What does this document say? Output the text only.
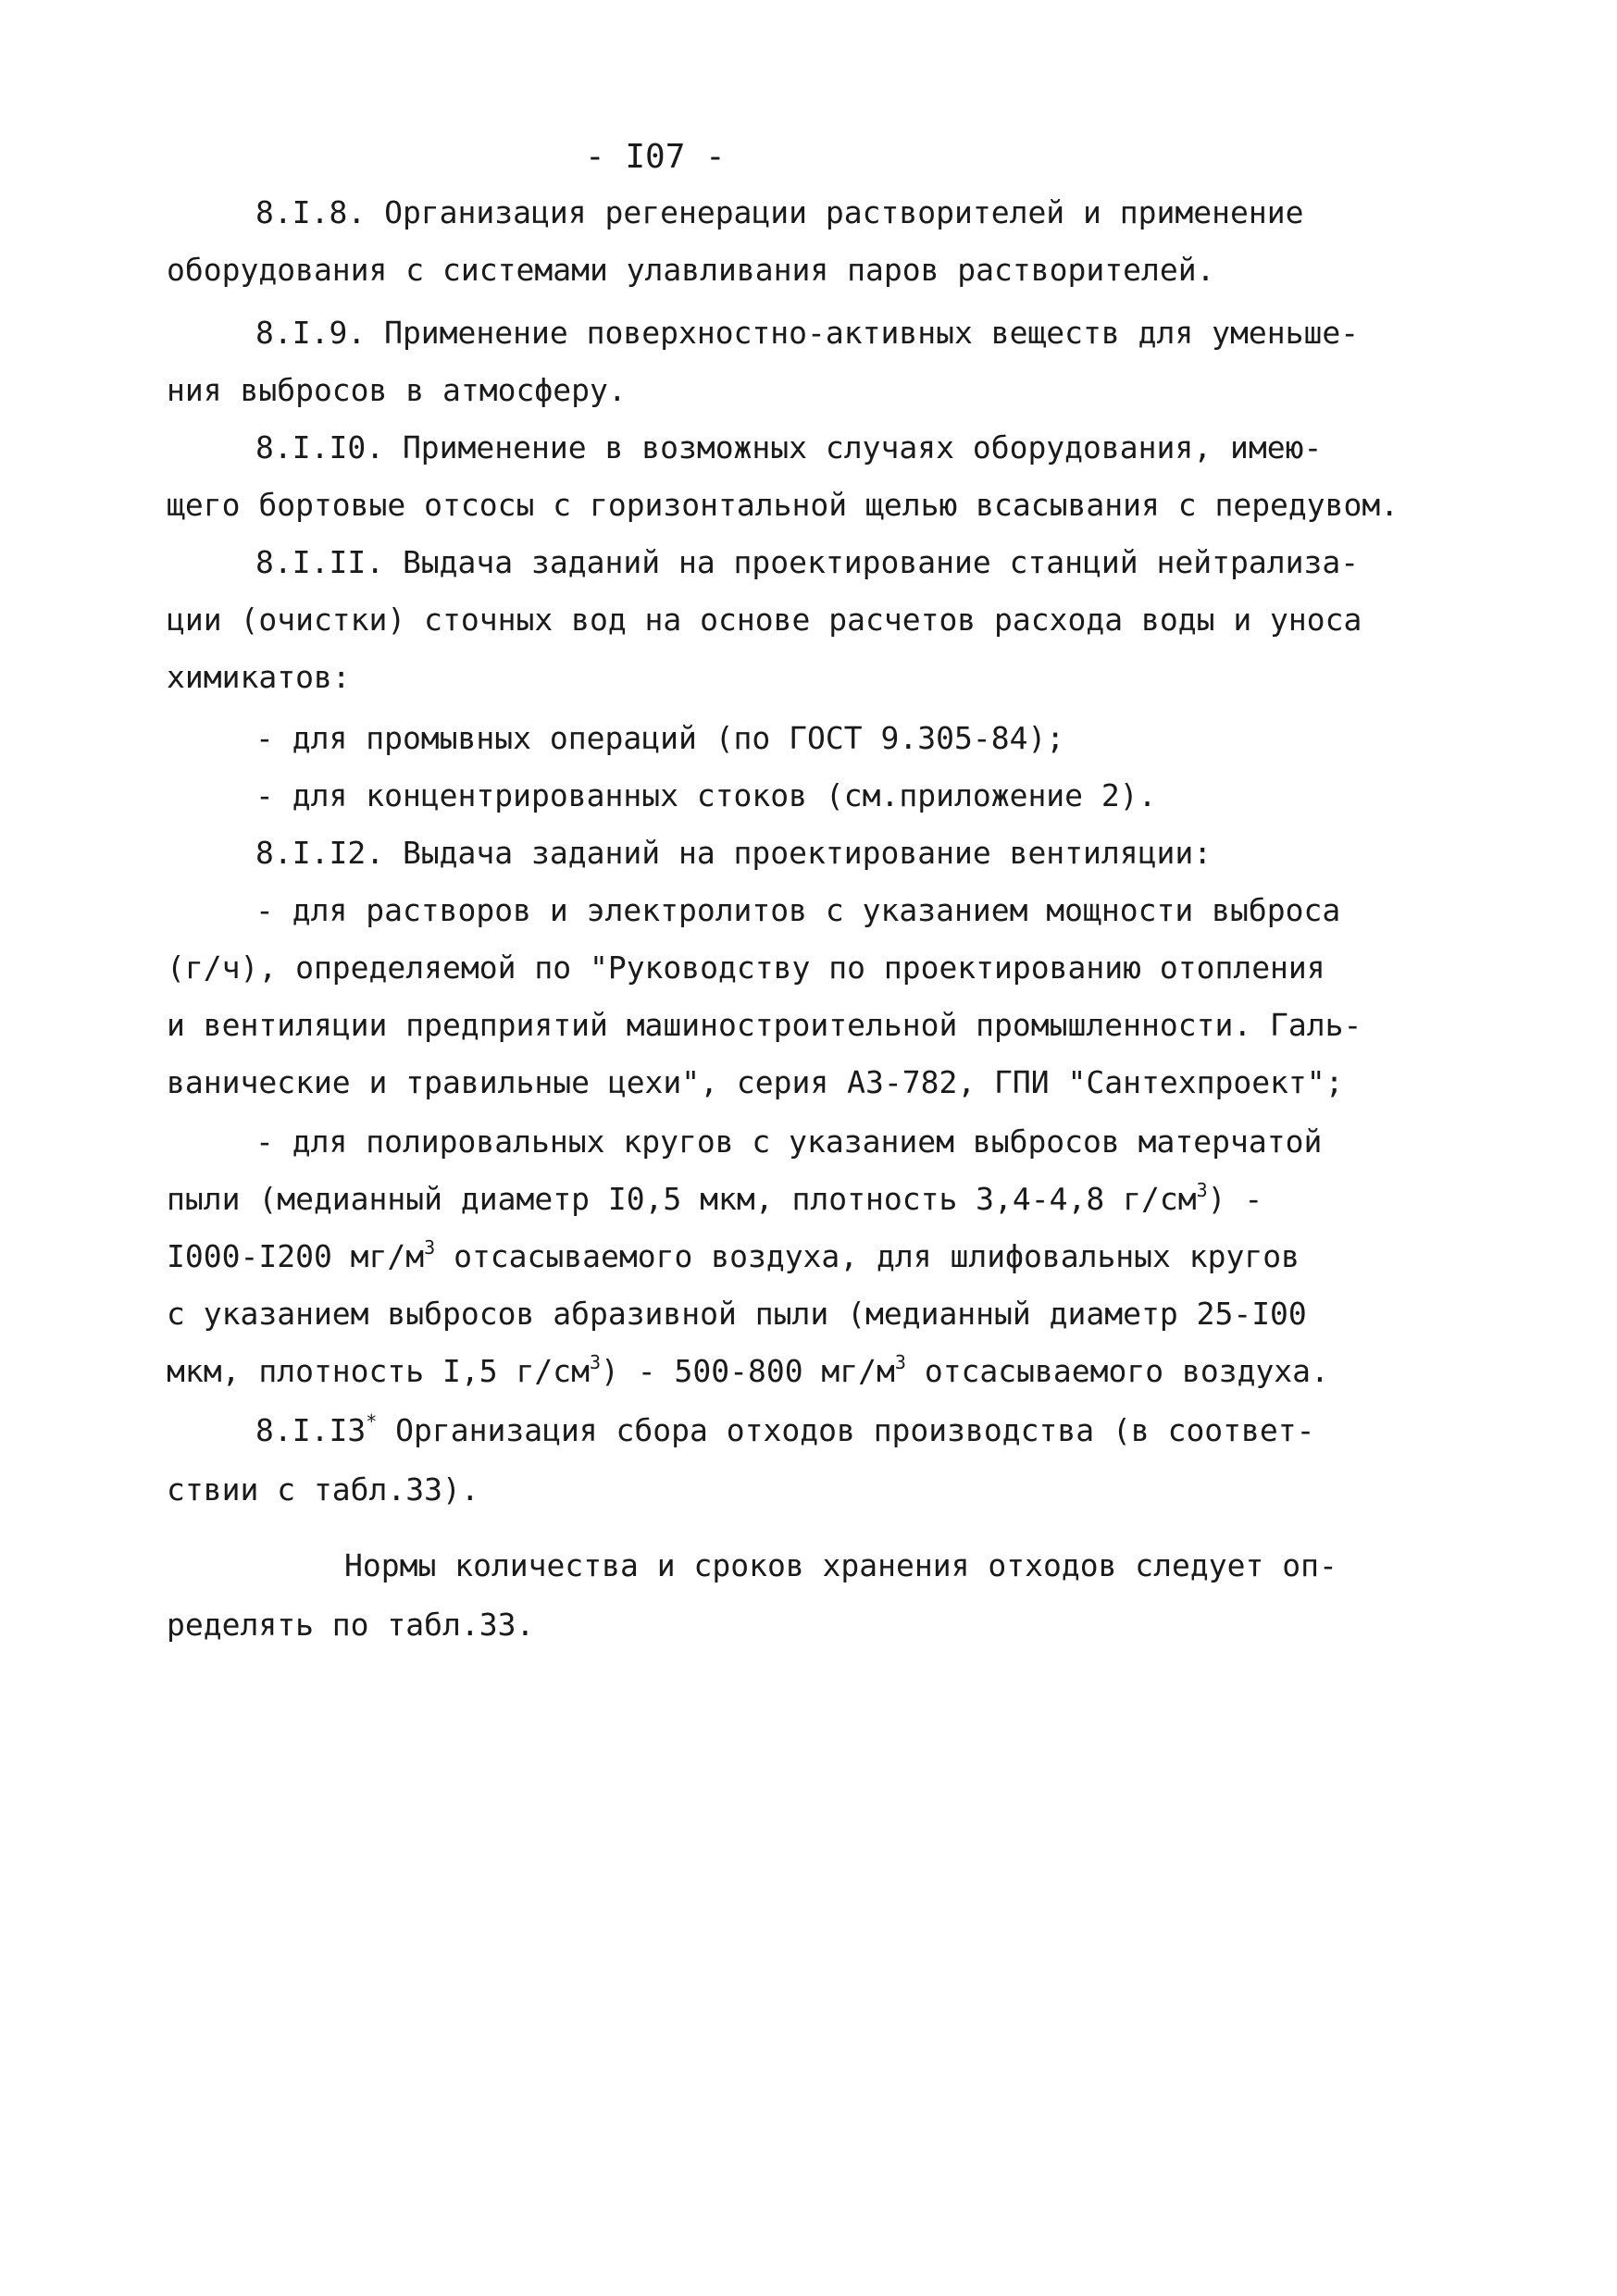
- I07 -
8.I.8. Организация регенерации растворителей и применение
оборудования с системами улавливания паров растворителей.
8.I.9. Применение поверхностно-активных веществ для уменьше-
ния выбросов в атмосферу.
8.I.I0. Применение в возможных случаях оборудования, имею-
щего бортовые отсосы с горизонтальной щелью всасывания с передувом.
8.I.II. Выдача заданий на проектирование станций нейтрализа-
ции (очистки) сточных вод на основе расчетов расхода воды и уноса
химикатов:
- для промывных операций (по ГОСТ 9.305-84);
- для концентрированных стоков (см.приложение 2).
8.I.I2. Выдача заданий на проектирование вентиляции:
- для растворов и электролитов с указанием мощности выброса
(г/ч), определяемой по "Руководству по проектированию отопления
и вентиляции предприятий машиностроительной промышленности. Галь-
ванические и травильные цехи", серия А3-782, ГПИ "Сантехпроект";
- для полировальных кругов с указанием выбросов матерчатой
пыли (медианный диаметр I0,5 мкм, плотность 3,4-4,8 $г/см^3$) -
I000-I200 $мг/м^3$ отсасываемого воздуха, для шлифовальных кругов
с указанием выбросов абразивной пыли (медианный диаметр 25-I00
мкм, плотность I,5 $г/см^3) - 500-800$ $мг/м^3$ отсасываемого воздуха.
8.I.I3* Организация сбора отходов производства (в соответ-
ствии с табл.33).
Нормы количества и сроков хранения отходов следует оп-
ределять по табл.33.
